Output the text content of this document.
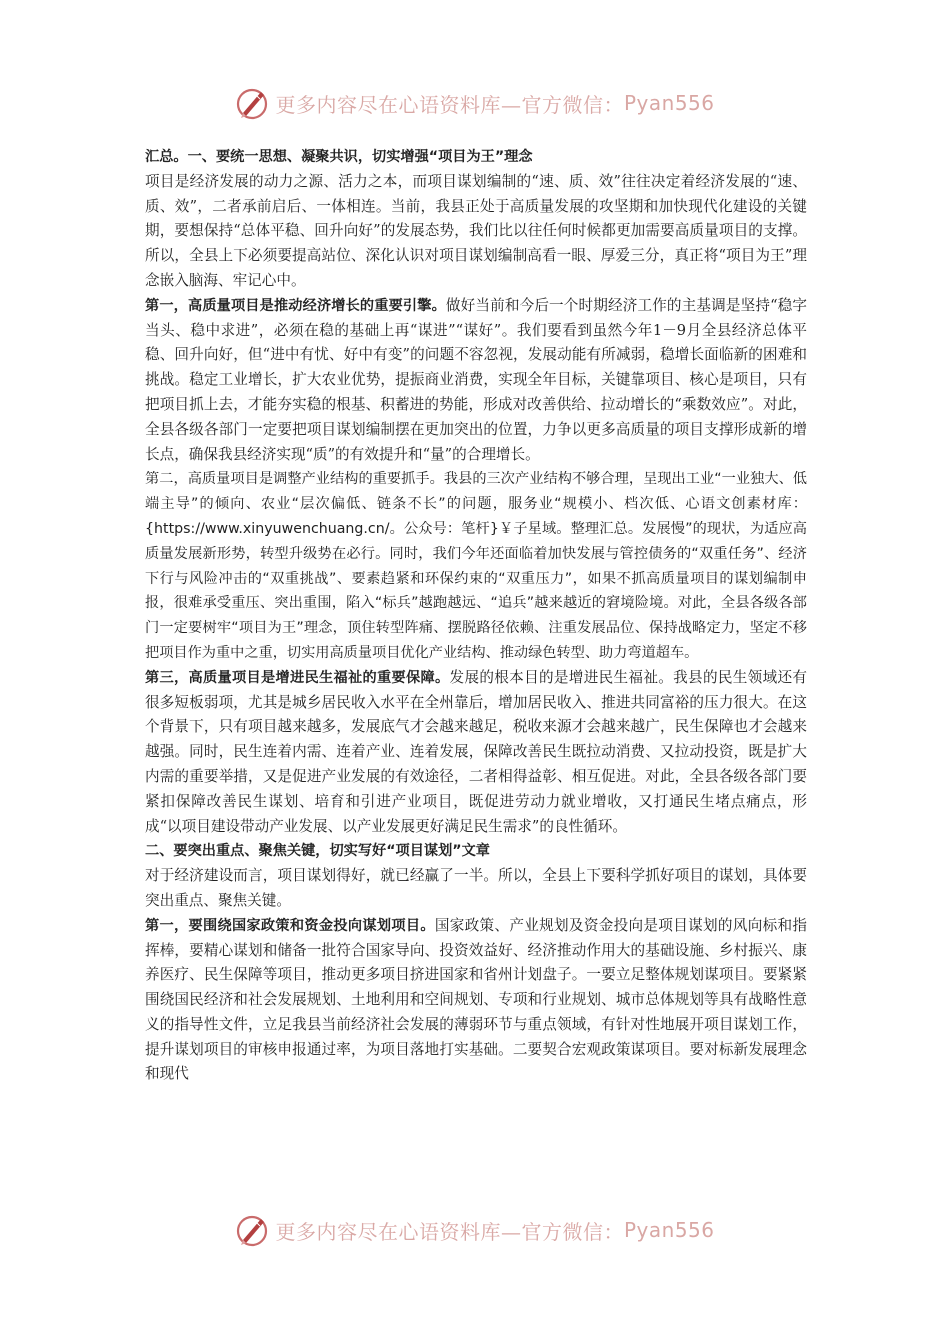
更多内容尽在心语资料库—官方微信： Pyan556

汇总。一、要统一思想、凝聚共识，切实增强“项目为王”理念

项目是经济发展的动力之源、活力之本，而项目谋划编制的“速、质、效”往往决定着经济发展的“速、质、效”，二者承前启后、一体相连。当前，我县正处于高质量发展的攻坚期和加快现代化建设的关键期，要想保持“总体平稳、回升向好”的发展态势，我们比以往任何时候都更加需要高质量项目的支撑。所以，全县上下必须要提高站位、深化认识对项目谋划编制高看一眼、厚爱三分，真正将“项目为王”理念嵌入脑海、牢记心中。

第一，高质量项目是推动经济增长的重要引擎。做好当前和今后一个时期经济工作的主基调是坚持“稳字当头、稳中求进”，必须在稳的基础上再“谋进”“谋好”。我们要看到虽然今年1－9月全县经济总体平稳、回升向好，但“进中有忧、好中有变”的问题不容忽视，发展动能有所减弱，稳增长面临新的困难和挑战。稳定工业增长，扩大农业优势，提振商业消费，实现全年目标，关键靠项目、核心是项目，只有把项目抓上去，才能夯实稳的根基、积蓄进的势能，形成对改善供给、拉动增长的“乘数效应”。对此，全县各级各部门一定要把项目谋划编制摆在更加突出的位置，力争以更多高质量的项目支撑形成新的增长点，确保我县经济实现“质”的有效提升和“量”的合理增长。

第二，高质量项目是调整产业结构的重要抓手。我县的三次产业结构不够合理，呈现出工业“一业独大、低端主导”的倾向、农业“层次偏低、链条不长”的问题，服务业“规模小、档次低、心语文创素材库：{https://www.xinyuwenchuang.cn/。公众号：笔杆}￥子星域。整理汇总。发展慢”的现状，为适应高质量发展新形势，转型升级势在必行。同时，我们今年还面临着加快发展与管控债务的“双重任务”、经济下行与风险冲击的“双重挑战”、要素趋紧和环保约束的“双重压力”，如果不抓高质量项目的谋划编制申报，很难承受重压、突出重围，陷入“标兵”越跑越远、“追兵”越来越近的窘境险境。对此，全县各级各部门一定要树牢“项目为王”理念，顶住转型阵痛、摆脱路径依赖、注重发展品位、保持战略定力，坚定不移把项目作为重中之重，切实用高质量项目优化产业结构、推动绿色转型、助力弯道超车。

第三，高质量项目是增进民生福祉的重要保障。发展的根本目的是增进民生福祉。我县的民生领域还有很多短板弱项，尤其是城乡居民收入水平在全州靠后，增加居民收入、推进共同富裕的压力很大。在这个背景下，只有项目越来越多，发展底气才会越来越足，税收来源才会越来越广，民生保障也才会越来越强。同时，民生连着内需、连着产业、连着发展，保障改善民生既拉动消费、又拉动投资，既是扩大内需的重要举措，又是促进产业发展的有效途径，二者相得益彰、相互促进。对此，全县各级各部门要紧扣保障改善民生谋划、培育和引进产业项目，既促进劳动力就业增收，又打通民生堵点痛点，形成“以项目建设带动产业发展、以产业发展更好满足民生需求”的良性循环。

二、要突出重点、聚焦关键，切实写好“项目谋划”文章

对于经济建设而言，项目谋划得好，就已经赢了一半。所以，全县上下要科学抓好项目的谋划，具体要突出重点、聚焦关键。

第一，要围绕国家政策和资金投向谋划项目。国家政策、产业规划及资金投向是项目谋划的风向标和指挥棒，要精心谋划和储备一批符合国家导向、投资效益好、经济推动作用大的基础设施、乡村振兴、康养医疗、民生保障等项目，推动更多项目挤进国家和省州计划盘子。一要立足整体规划谋项目。要紧紧围绕国民经济和社会发展规划、土地利用和空间规划、专项和行业规划、城市总体规划等具有战略性意义的指导性文件，立足我县当前经济社会发展的薄弱环节与重点领域，有针对性地展开项目谋划工作，提升谋划项目的审核申报通过率，为项目落地打实基础。二要契合宏观政策谋项目。要对标新发展理念和现代

更多内容尽在心语资料库—官方微信： Pyan556
